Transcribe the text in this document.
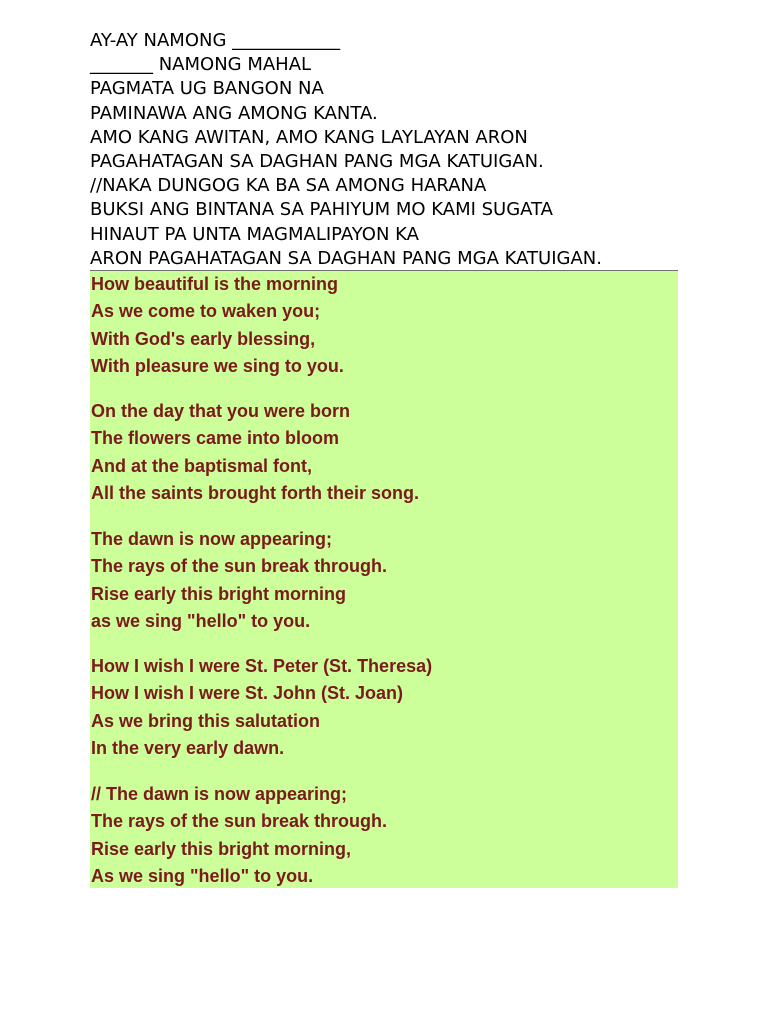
AY-AY NAMONG ____________
_______ NAMONG MAHAL
PAGMATA UG BANGON NA
PAMINAWA ANG AMONG KANTA.
AMO KANG AWITAN, AMO KANG LAYLAYAN ARON
PAGAHATAGAN SA DAGHAN PANG MGA KATUIGAN.
//NAKA DUNGOG KA BA SA AMONG HARANA
BUKSI ANG BINTANA SA PAHIYUM MO KAMI SUGATA
HINAUT PA UNTA MAGMALIPAYON KA
ARON PAGAHATAGAN SA DAGHAN PANG MGA KATUIGAN.
How beautiful is the morning
As we come to waken you;
With God's early blessing,
With pleasure we sing to you.
On the day that you were born
The flowers came into bloom
And at the baptismal font,
All the saints brought forth their song.
The dawn is now appearing;
The rays of the sun break through.
Rise early this bright morning
as we sing "hello" to you.
How I wish I were St. Peter (St. Theresa)
How I wish I were St. John (St. Joan)
As we bring this salutation
In the very early dawn.
// The dawn is now appearing;
The rays of the sun break through.
Rise early this bright morning,
As we sing "hello" to you.
